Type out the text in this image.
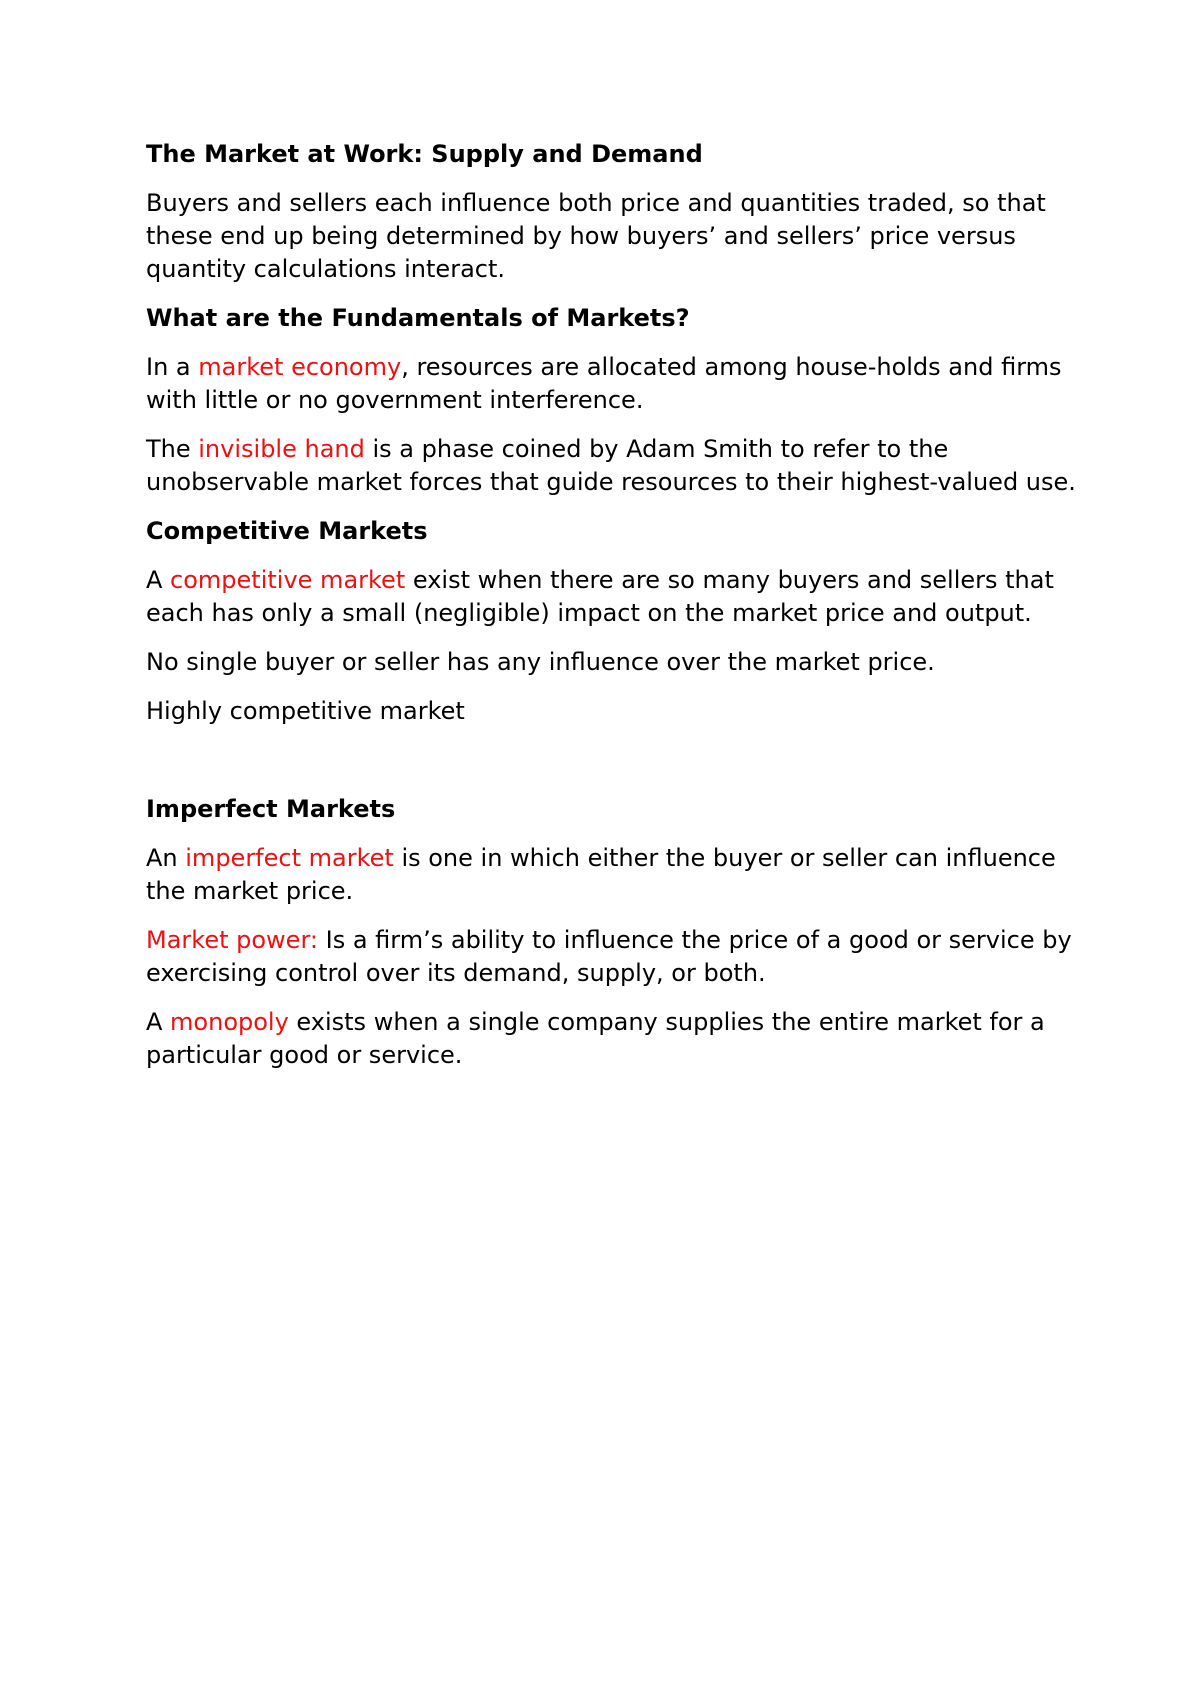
The Market at Work: Supply and Demand

Buyers and sellers each influence both price and quantities traded, so that these end up being determined by how buyers’ and sellers’ price versus quantity calculations interact.

What are the Fundamentals of Markets?

In a market economy, resources are allocated among house-holds and firms with little or no government interference.

The invisible hand is a phase coined by Adam Smith to refer to the unobservable market forces that guide resources to their highest-valued use.

Competitive Markets

A competitive market exist when there are so many buyers and sellers that each has only a small (negligible) impact on the market price and output.

No single buyer or seller has any influence over the market price.

Highly competitive market

Imperfect Markets

An imperfect market is one in which either the buyer or seller can influence the market price.

Market power: Is a firm’s ability to influence the price of a good or service by exercising control over its demand, supply, or both.

A monopoly exists when a single company supplies the entire market for a particular good or service.
